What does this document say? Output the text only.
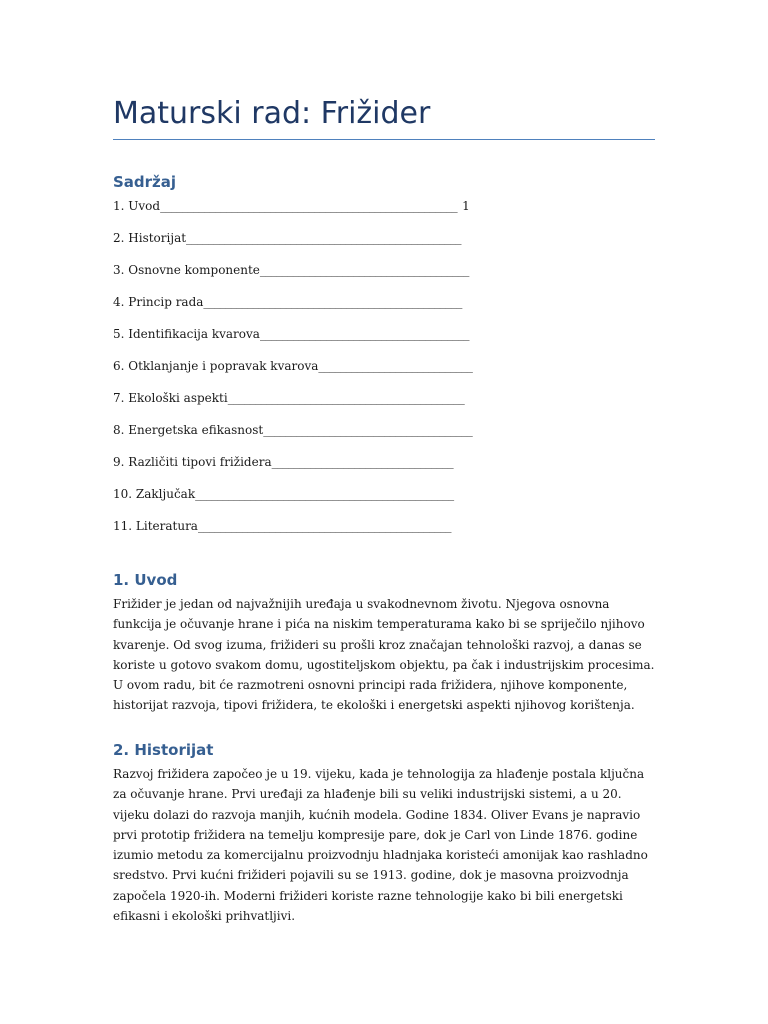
Maturski rad: Frižider
Sadržaj
1. Uvod______________________________________________________ 1
2. Historijat__________________________________________________
3. Osnovne komponente______________________________________
4. Princip rada_______________________________________________
5. Identifikacija kvarova______________________________________
6. Otklanjanje i popravak kvarova____________________________
7. Ekološki aspekti___________________________________________
8. Energetska efikasnost______________________________________
9. Različiti tipovi frižidera_________________________________
10. Zaključak_______________________________________________
11. Literatura______________________________________________
1. Uvod

Frižider je jedan od najvažnijih uređaja u svakodnevnom životu. Njegova osnovna funkcija je očuvanje hrane i pića na niskim temperaturama kako bi se spriječilo njihovo kvarenje. Od svog izuma, frižideri su prošli kroz značajan tehnološki razvoj, a danas se koriste u gotovo svakom domu, ugostiteljskom objektu, pa čak i industrijskim procesima. U ovom radu, bit će razmotreni osnovni principi rada frižidera, njihove komponente, historijat razvoja, tipovi frižidera, te ekološki i energetski aspekti njihovog korištenja.

2. Historijat

Razvoj frižidera započeo je u 19. vijeku, kada je tehnologija za hlađenje postala ključna za očuvanje hrane. Prvi uređaji za hlađenje bili su veliki industrijski sistemi, a u 20. vijeku dolazi do razvoja manjih, kućnih modela. Godine 1834. Oliver Evans je napravio prvi prototip frižidera na temelju kompresije pare, dok je Carl von Linde 1876. godine izumio metodu za komercijalnu proizvodnju hladnjaka koristeći amonijak kao rashladno sredstvo. Prvi kućni frižideri pojavili su se 1913. godine, dok je masovna proizvodnja započela 1920-ih. Moderni frižideri koriste razne tehnologije kako bi bili energetski efikasni i ekološki prihvatljivi.
